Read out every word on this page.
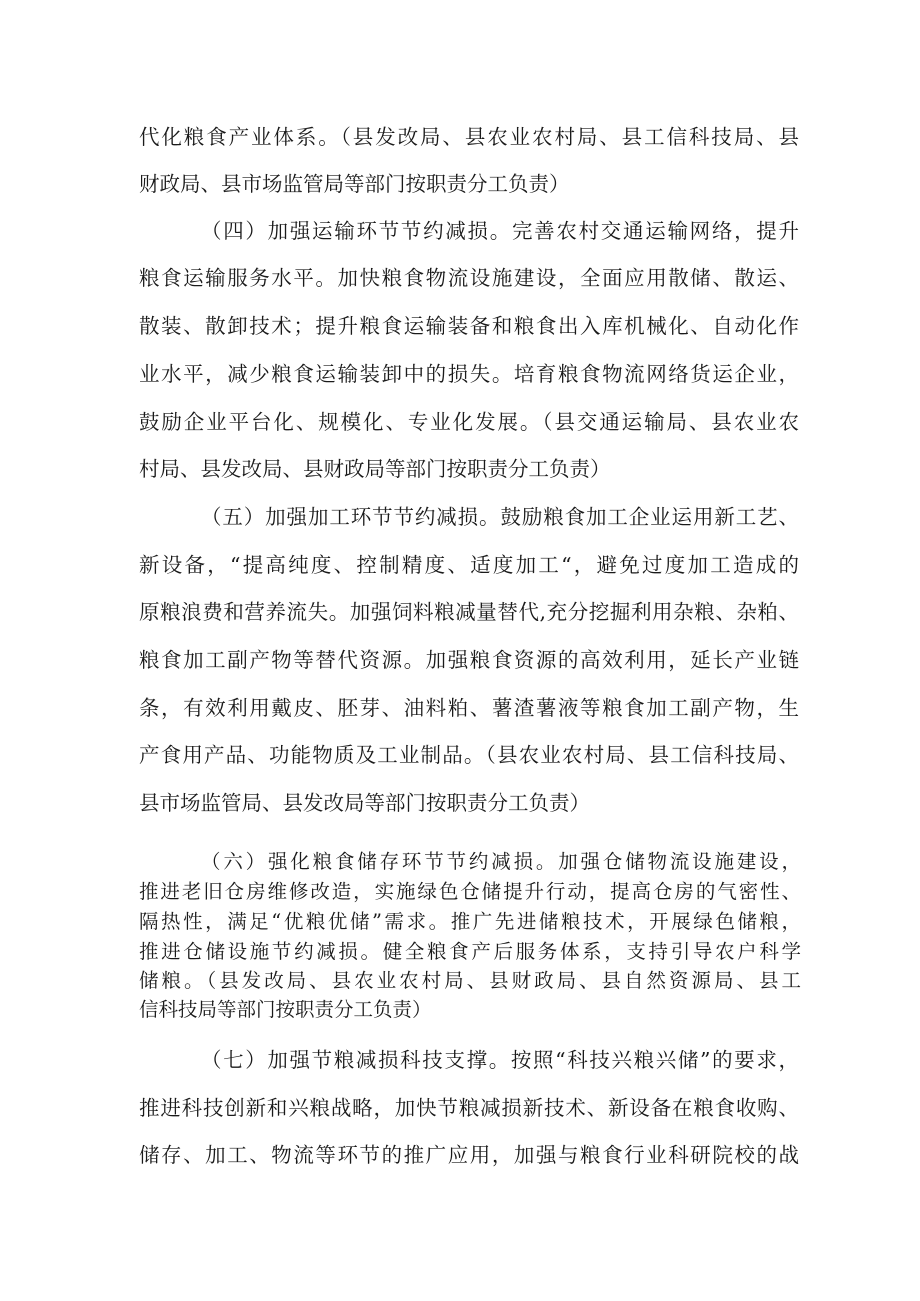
代化粮食产业体系。（县发改局、县农业农村局、县工信科技局、县
财政局、县市场监管局等部门按职责分工负责）
（四）加强运输环节节约减损。完善农村交通运输网络，提升
粮食运输服务水平。加快粮食物流设施建设，全面应用散储、散运、
散装、散卸技术；提升粮食运输装备和粮食出入库机械化、自动化作
业水平，减少粮食运输装卸中的损失。培育粮食物流网络货运企业，
鼓励企业平台化、规模化、专业化发展。（县交通运输局、县农业农
村局、县发改局、县财政局等部门按职责分工负责）
（五）加强加工环节节约减损。鼓励粮食加工企业运用新工艺、
新设备，“提高纯度、控制精度、适度加工“，避免过度加工造成的
原粮浪费和营养流失。加强饲料粮减量替代,充分挖掘利用杂粮、杂粕、
粮食加工副产物等替代资源。加强粮食资源的高效利用，延长产业链
条，有效利用戴皮、胚芽、油料粕、薯渣薯液等粮食加工副产物，生
产食用产品、功能物质及工业制品。（县农业农村局、县工信科技局、
县市场监管局、县发改局等部门按职责分工负责）
（六）强化粮食储存环节节约减损。加强仓储物流设施建设，
推进老旧仓房维修改造，实施绿色仓储提升行动，提高仓房的气密性、
隔热性，满足“优粮优储”需求。推广先进储粮技术，开展绿色储粮，
推进仓储设施节约减损。健全粮食产后服务体系，支持引导农户科学
储粮。（县发改局、县农业农村局、县财政局、县自然资源局、县工
信科技局等部门按职责分工负责）
（七）加强节粮减损科技支撑。按照“科技兴粮兴储”的要求，
推进科技创新和兴粮战略，加快节粮减损新技术、新设备在粮食收购、
储存、加工、物流等环节的推广应用，加强与粮食行业科研院校的战
